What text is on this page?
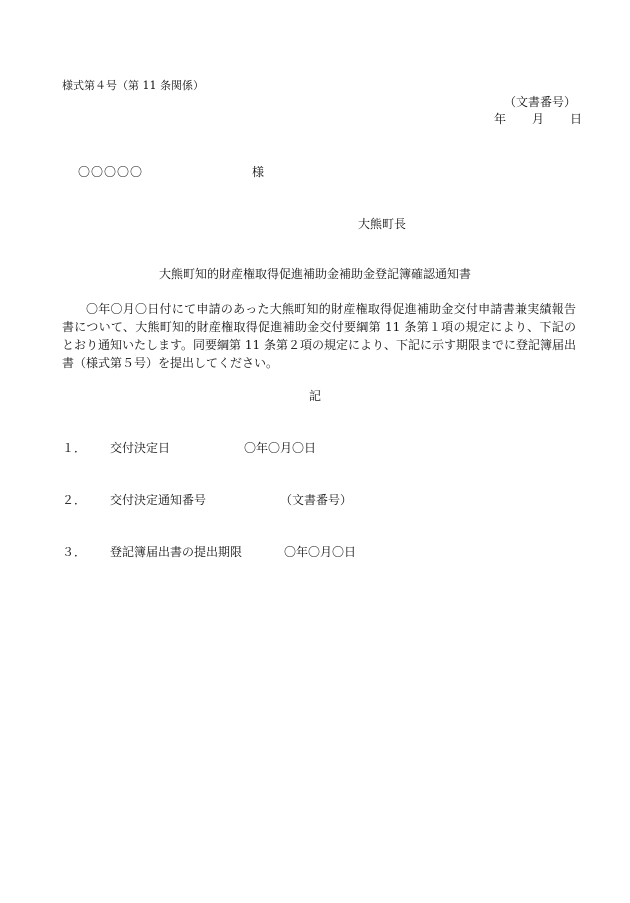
様式第４号（第 11 条関係）
（文書番号）
年 月 日
〇〇〇〇〇	様
大熊町長
大熊町知的財産権取得促進補助金補助金登記簿確認通知書

〇年〇月〇日付にて申請のあった大熊町知的財産権取得促進補助金交付申請書兼実績報告書について、大熊町知的財産権取得促進補助金交付要綱第 11 条第１項の規定により、下記のとおり通知いたします。同要綱第 11 条第２項の規定により、下記に示す期限までに登記簿届出書（様式第５号）を提出してください。

記
１． 交付決定日	〇年〇月〇日
２． 交付決定通知番号	（文書番号）
３． 登記簿届出書の提出期限	〇年〇月〇日
